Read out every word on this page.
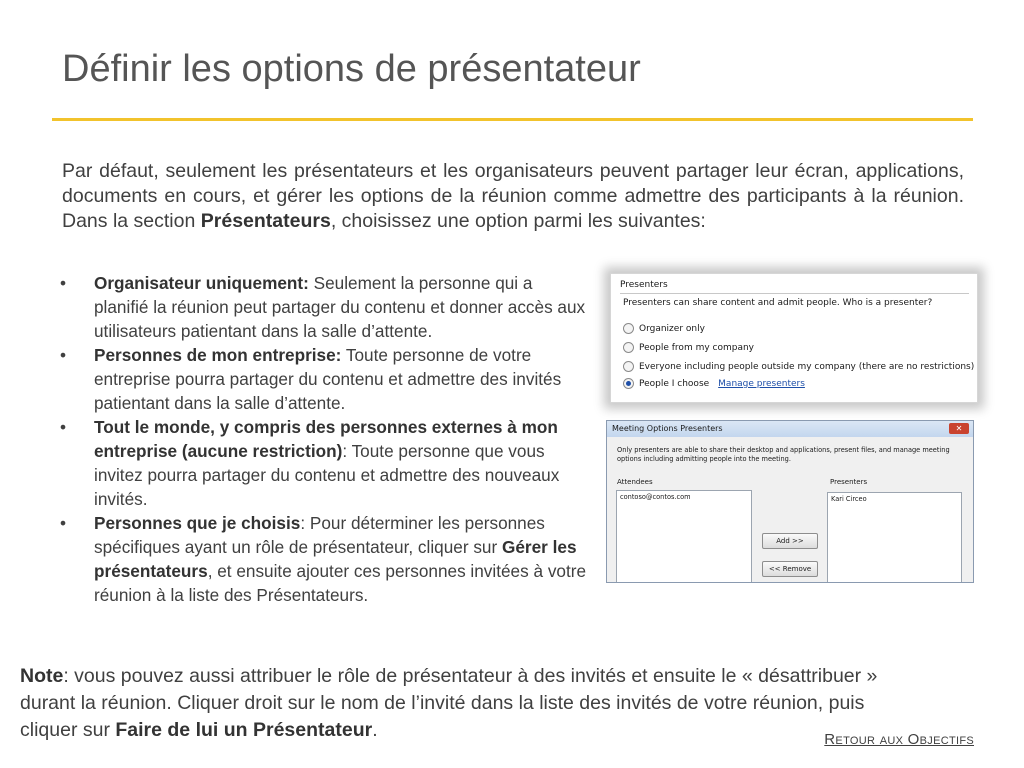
Définir les options de présentateur

Par défaut, seulement les présentateurs et les organisateurs peuvent partager leur écran, applications, documents en cours, et gérer les options de la réunion comme admettre des participants à la réunion. Dans la section Présentateurs, choisissez une option parmi les suivantes:

• Organisateur uniquement: Seulement la personne qui a planifié la réunion peut partager du contenu et donner accès aux utilisateurs patientant dans la salle d’attente.
• Personnes de mon entreprise: Toute personne de votre entreprise pourra partager du contenu et admettre des invités patientant dans la salle d’attente.
• Tout le monde, y compris des personnes externes à mon entreprise (aucune restriction): Toute personne que vous invitez pourra partager du contenu et admettre des nouveaux invités.
• Personnes que je choisis: Pour déterminer les personnes spécifiques ayant un rôle de présentateur, cliquer sur Gérer les présentateurs, et ensuite ajouter ces personnes invitées à votre réunion à la liste des Présentateurs.
Presenters
Presenters can share content and admit people. Who is a presenter?
Organizer only
People from my company
Everyone including people outside my company (there are no restrictions)
People I choose Manage presenters
Meeting Options Presenters	✕
Only presenters are able to share their desktop and applications, present files, and manage meeting options including admitting people into the meeting.
Attendees	Presenters
contoso@contos.com	Kari Circeo
Add >>
<< Remove

Note: vous pouvez aussi attribuer le rôle de présentateur à des invités et ensuite le « désattribuer » durant la réunion. Cliquer droit sur le nom de l’invité dans la liste des invités de votre réunion, puis cliquer sur Faire de lui un Présentateur.	Retour aux Objectifs
